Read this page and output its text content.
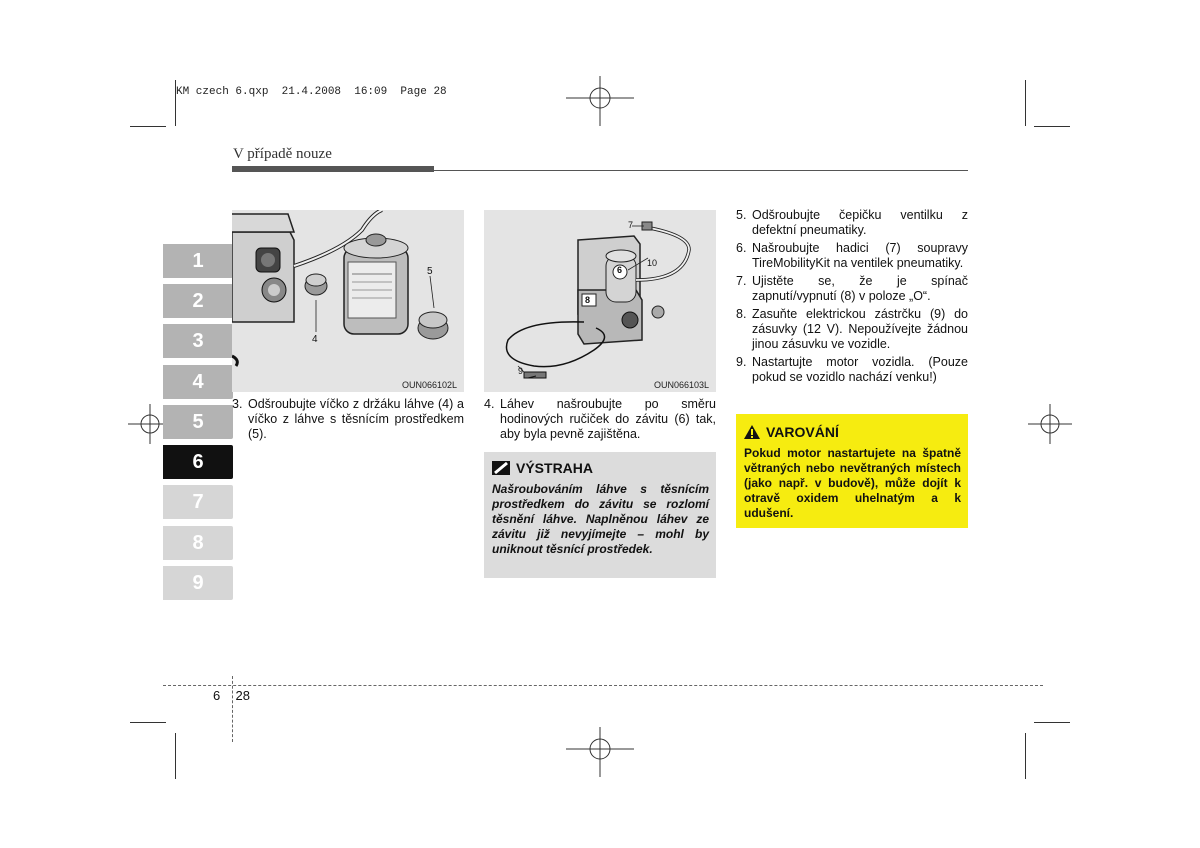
KM czech 6.qxp  21.4.2008  16:09  Page 28
V případě nouze
1
2
3
4
5
6
7
8
9
5
4
OUN066102L
7
6
10
8
9
OUN066103L
3. Odšroubujte víčko z držáku láhve (4) a víčko z láhve s těsnícím prostředkem (5).
4. Láhev našroubujte po směru hodinových ručiček do závitu (6) tak, aby byla pevně zajištěna.
VÝSTRAHA
Našroubováním láhve s těsnícím prostředkem do závitu se rozlomí těsnění láhve. Naplněnou láhev ze závitu již nevyjímejte – mohl by uniknout těsnící prostředek.
5. Odšroubujte čepičku ventilku z defektní pneumatiky.
6. Našroubujte hadici (7) soupravy TireMobilityKit na ventilek pneumatiky.
7. Ujistěte se, že je spínač zapnutí/vypnutí (8) v poloze „O“.
8. Zasuňte elektrickou zástrčku (9) do zásuvky (12 V). Nepoužívejte žádnou jinou zásuvku ve vozidle.
9. Nastartujte motor vozidla. (Pouze pokud se vozidlo nachází venku!)
VAROVÁNÍ
Pokud motor nastartujete na špatně větraných nebo nevětraných místech (jako např. v budově), může dojít k otravě oxidem uhelnatým a k udušení.
6 28
